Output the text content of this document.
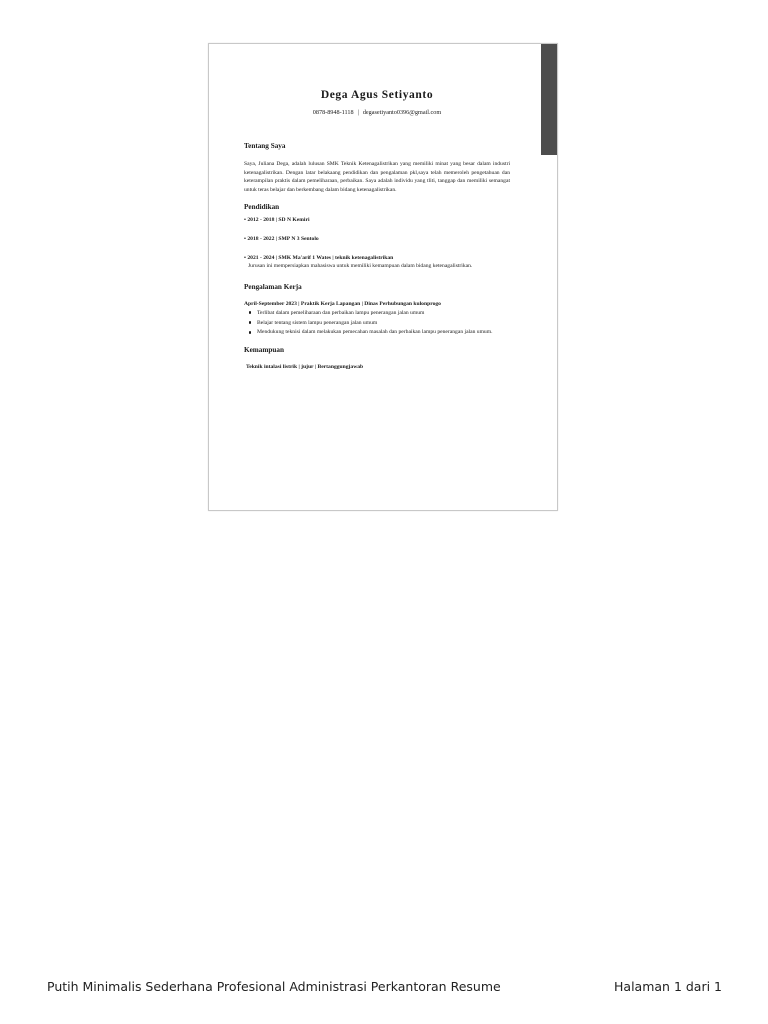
Dega Agus Setiyanto
0878-8948-1118 | degasetiyanto0396@gmail.com
Tentang Saya
Saya, Juliana Dega, adalah lulusan SMK Teknik Ketenagalistrikan yang memiliki minat yang besar dalam industri ketenagalistrikan. Dengan latar belakaang pendidikan dan pengalaman pkl,saya telah memeroleh pengetahuan dan keterampilan praktis dalam pemeliharaan, perbaikan. Saya adalah individu yang tliti, tanggap dan memiliki semangat untuk teras belajar dan berkembang dalam bidang ketenagalistrikan.
Pendidikan
• 2012 - 2018 | SD N Kemiri
• 2018 - 2022 | SMP N 3 Sentolo
• 2021 - 2024 | SMK Ma'arif 1 Wates | teknik ketenagalistrikan
Jurusan ini mempersiapkan mahasiswa untuk memiliki kemampuan dalam bidang ketenagalistrikan.
Pengalaman Kerja
April-September 2023 | Praktik Kerja Lapangan | Dinas Perhubungan kulonprogo
Terlibat dalam pemeliharaan dan perbaikan lampu penerangan jalan umum
Belajar tentang sistem lampu penerangan jalan umum
Mendukung teknisi dalam melakukan pemecahan masalah dan perbaikan lampu penerangan jalan umum.
Kemampuan
Teknik intalasi listrik | jujur | Bertanggungjawab
Putih Minimalis Sederhana Profesional Administrasi Perkantoran Resume	Halaman 1 dari 1
